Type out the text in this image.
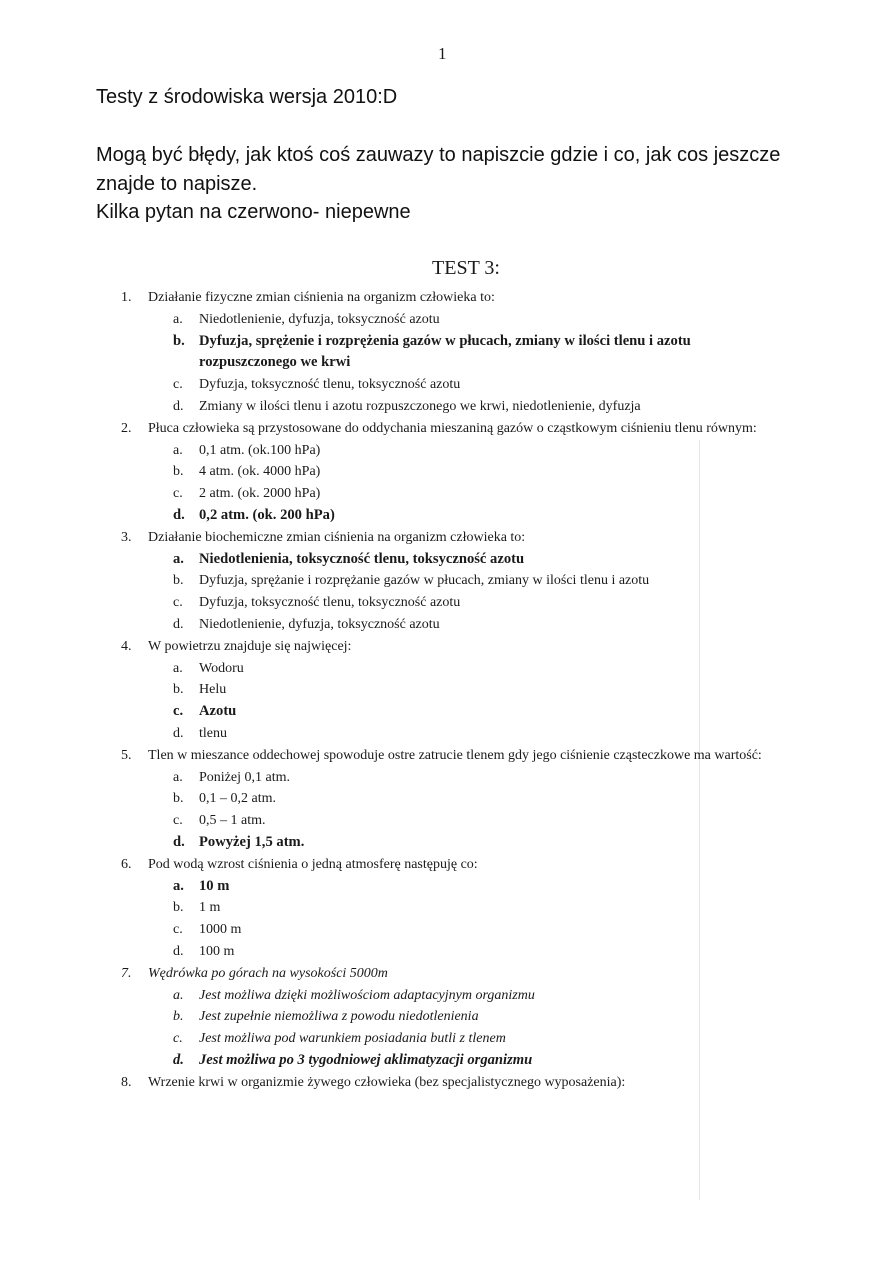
1
Testy z środowiska wersja 2010:D
Mogą być błędy, jak ktoś coś zauwazy to napiszcie gdzie i co, jak cos jeszcze
znajde to napisze.
Kilka pytan na czerwono- niepewne
TEST 3:
1. Działanie fizyczne zmian ciśnienia na organizm człowieka to:
a. Niedotlenienie, dyfuzja, toksyczność azotu
b. Dyfuzja, sprężenie i rozprężenia gazów w płucach, zmiany w ilości tlenu i azotu rozpuszczonego we krwi
c. Dyfuzja, toksyczność tlenu, toksyczność azotu
d. Zmiany w ilości tlenu i azotu rozpuszczonego we krwi, niedotlenienie, dyfuzja
2. Płuca człowieka są przystosowane do oddychania mieszaniną gazów o cząstkowym ciśnieniu tlenu równym:
a. 0,1 atm. (ok.100 hPa)
b. 4 atm. (ok. 4000 hPa)
c. 2 atm. (ok. 2000 hPa)
d. 0,2 atm. (ok. 200 hPa)
3. Działanie biochemiczne zmian ciśnienia na organizm człowieka to:
a. Niedotlenienia, toksyczność tlenu, toksyczność azotu
b. Dyfuzja, sprężanie i rozprężanie gazów w płucach, zmiany w ilości tlenu i azotu
c. Dyfuzja, toksyczność tlenu, toksyczność azotu
d. Niedotlenienie, dyfuzja, toksyczność azotu
4. W powietrzu znajduje się najwięcej:
a. Wodoru
b. Helu
c. Azotu
d. tlenu
5. Tlen w mieszance oddechowej spowoduje ostre zatrucie tlenem gdy jego ciśnienie cząsteczkowe ma wartość:
a. Poniżej 0,1 atm.
b. 0,1 – 0,2 atm.
c. 0,5 – 1 atm.
d. Powyżej 1,5 atm.
6. Pod wodą wzrost ciśnienia o jedną atmosferę następuję co:
a. 10 m
b. 1 m
c. 1000 m
d. 100 m
7. Wędrówka po górach na wysokości 5000m
a. Jest możliwa dzięki możliwościom adaptacyjnym organizmu
b. Jest zupełnie niemożliwa z powodu niedotlenienia
c. Jest możliwa pod warunkiem posiadania butli z tlenem
d. Jest możliwa po 3 tygodniowej aklimatyzacji organizmu
8. Wrzenie krwi w organizmie żywego człowieka (bez specjalistycznego wyposażenia):
